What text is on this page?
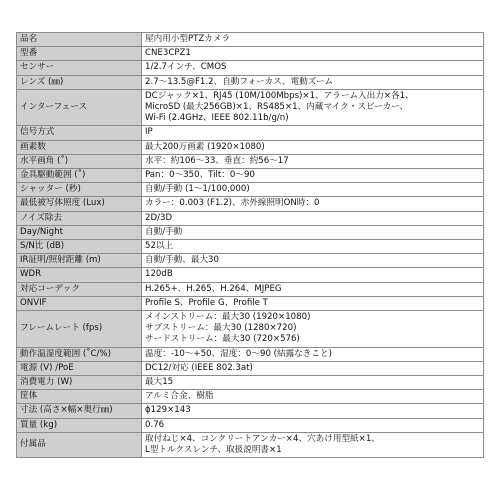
品名	屋内用小型PTZカメラ

型番	CNE3CPZ1

センサー	1/2.7インチ、CMOS

レンズ (㎜)	2.7～13.5@F1.2、自動フォーカス、電動ズーム

インターフェース	DCジャック×1、RJ45 (10M/100Mbps)×1、アラーム入出力×各1、
MicroSD (最大256GB)×1、RS485×1、内蔵マイク・スピーカー、
Wi-Fi (2.4GHz、IEEE 802.11b/g/n)

信号方式	IP

画素数	最大200万画素 (1920×1080)

水平画角 (˚)	水平：約106～33、垂直：約56～17

金具駆動範囲 (˚)	Pan：0～350、Tilt：0～90

シャッター (秒)	自動/手動 (1～1/100,000)

最低被写体照度 (Lux)	カラー：0.003 (F1.2)、赤外線照明ON時：0

ノイズ除去	2D/3D

Day/Night	自動/手動

S/N比 (dB)	52以上

IR証明/照射距離 (m)	自動/手動、最大30

WDR	120dB

対応コーデック	H.265+、H.265、H.264、MJPEG

ONVIF	Profile S、Profile G、Profile T

フレームレート (fps)	メインストリーム：最大30 (1920×1080)
サブストリーム：最大30 (1280×720)
サードストリーム：最大30 (720×576)

動作温湿度範囲 (˚C/%)	温度：-10～+50、湿度：0～90 (結露なきこと)

電源 (V) /PoE	DC12/対応 (IEEE 802.3at)

消費電力 (W)	最大15

筐体	アルミ合金、樹脂

寸法 (高さ×幅×奥行㎜)	ϕ129×143

質量 (kg)	0.76

付属品	取付ねじ×4、コンクリートアンカー×4、穴あけ用型紙×1、
L型トルクスレンチ、取扱説明書×1
